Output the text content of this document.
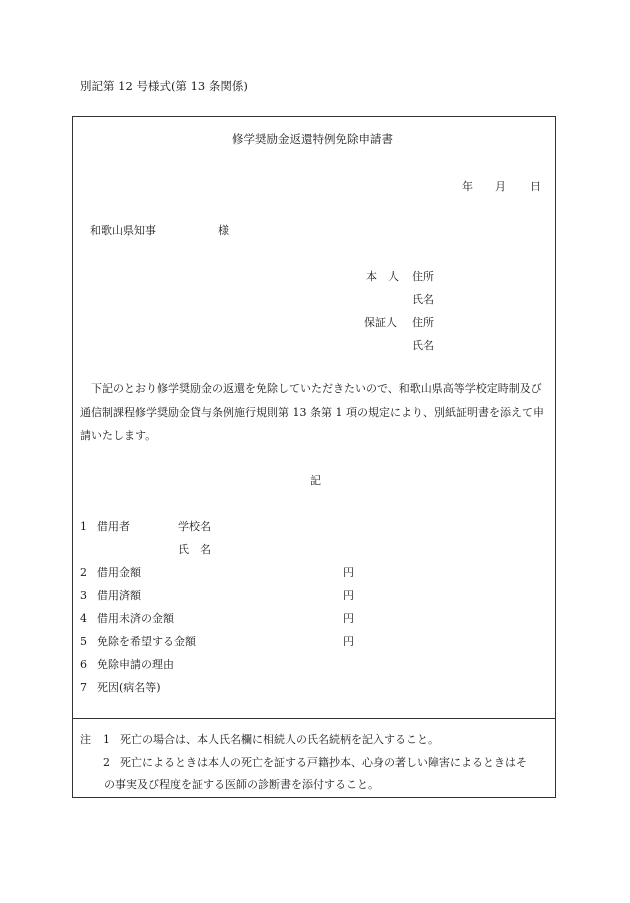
別記第 12 号様式(第 13 条関係)
修学奨励金返還特例免除申請書
年 月 日
和歌山県知事	様
本　人 住所
氏名
保証人 住所
氏名
下記のとおり修学奨励金の返還を免除していただきたいので、和歌山県高等学校定時制及び通信制課程修学奨励金貸与条例施行規則第 13 条第 1 項の規定により、別紙証明書を添えて申請いたします。
記
1 借用者	学校名
氏　名
2 借用金額	円
3 借用済額	円
4 借用未済の金額	円
5 免除を希望する金額	円
6 免除申請の理由
7 死因(病名等)
注 1 死亡の場合は、本人氏名欄に相続人の氏名続柄を記入すること。
2 死亡によるときは本人の死亡を証する戸籍抄本、心身の著しい障害によるときはそ
の事実及び程度を証する医師の診断書を添付すること。
